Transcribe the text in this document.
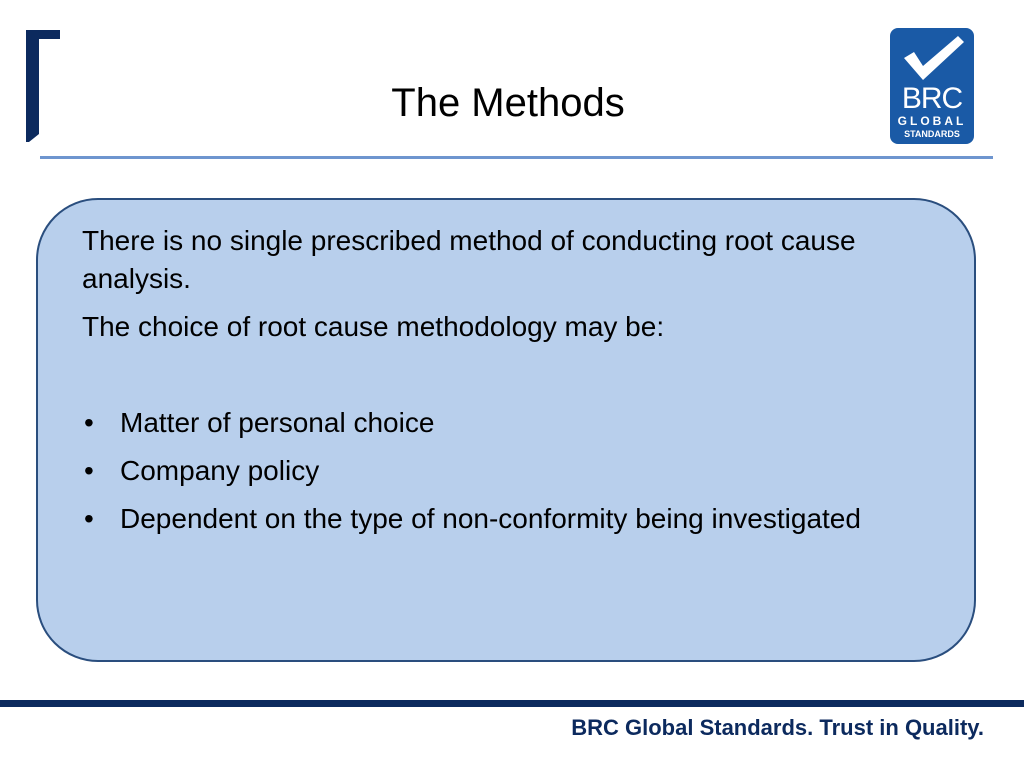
The Methods	BRC
GLOBAL
STANDARDS

There is no single prescribed method of conducting root cause analysis.

The choice of root cause methodology may be:

• Matter of personal choice
• Company policy
• Dependent on the type of non-conformity being investigated
BRC Global Standards. Trust in Quality.
